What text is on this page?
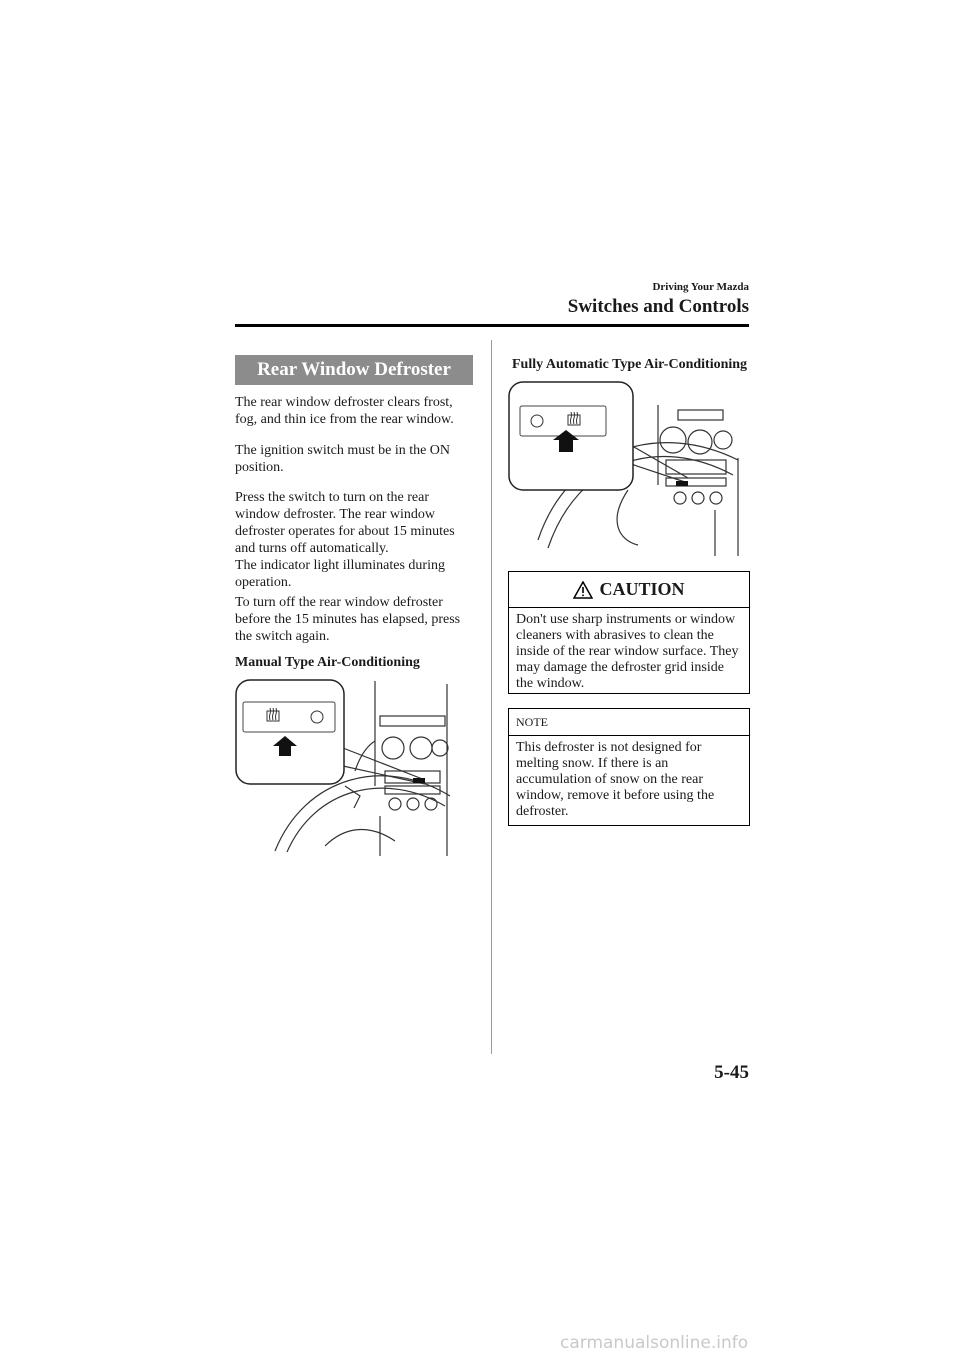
Driving Your Mazda
Switches and Controls
Rear Window Defroster
The rear window defroster clears frost, fog, and thin ice from the rear window.
The ignition switch must be in the ON position.
Press the switch to turn on the rear window defroster. The rear window defroster operates for about 15 minutes and turns off automatically.
The indicator light illuminates during operation.
To turn off the rear window defroster before the 15 minutes has elapsed, press the switch again.
Manual Type Air-Conditioning
Fully Automatic Type Air-Conditioning
CAUTION
Don't use sharp instruments or window cleaners with abrasives to clean the inside of the rear window surface. They may damage the defroster grid inside the window.
NOTE
This defroster is not designed for melting snow. If there is an accumulation of snow on the rear window, remove it before using the defroster.
5-45
carmanualsonline.info
